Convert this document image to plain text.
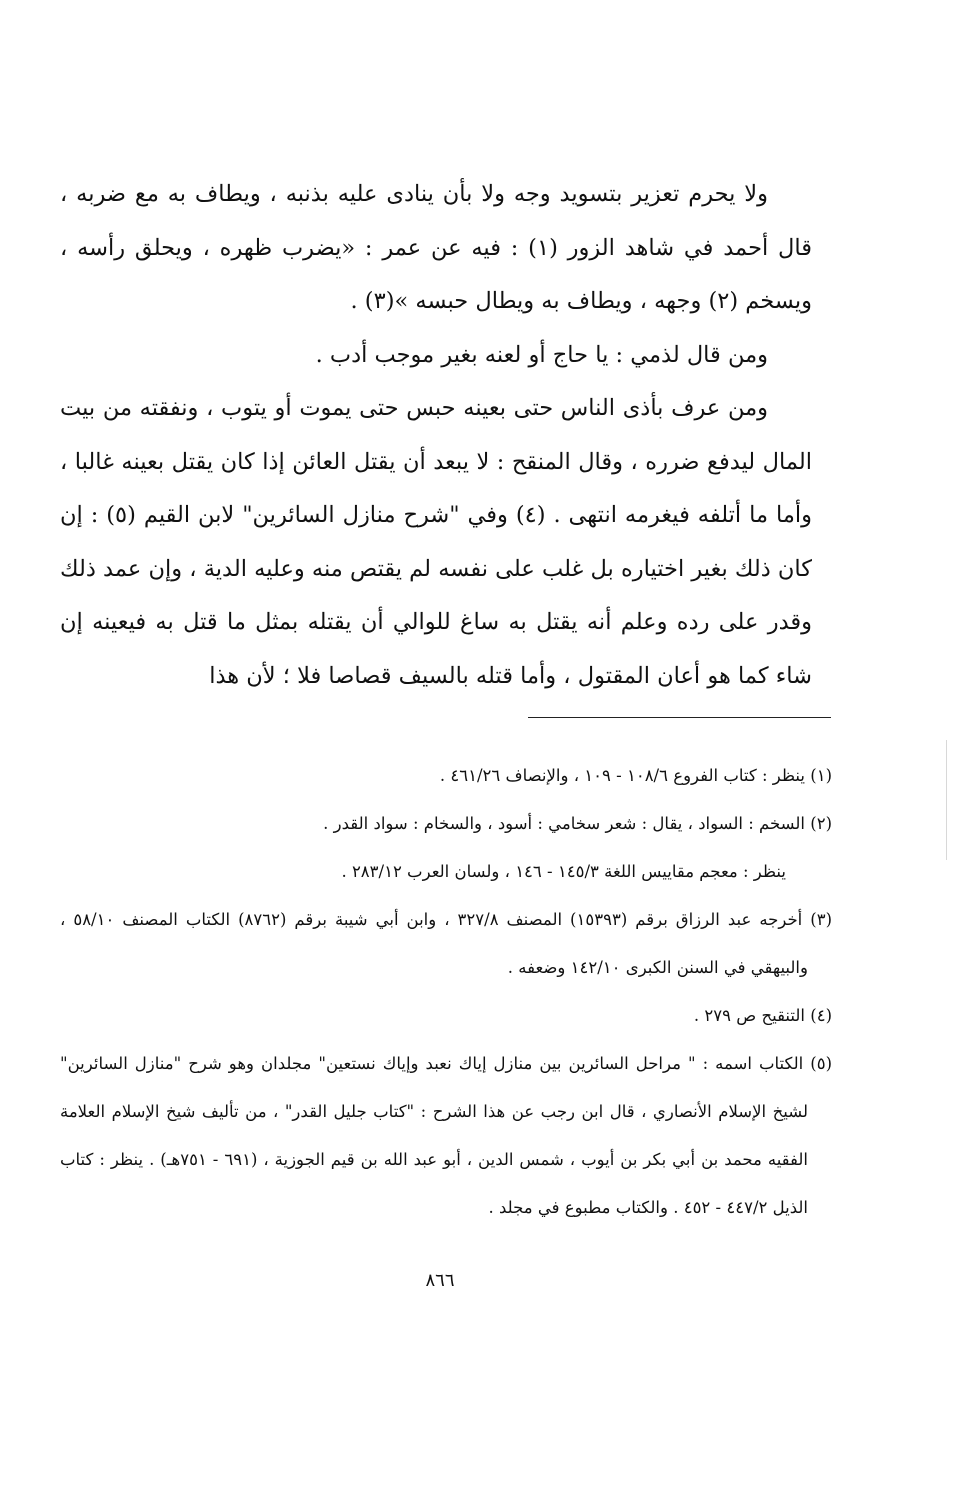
ولا يحرم تعزير بتسويد وجه ولا بأن ينادى عليه بذنبه ، ويطاف به مع ضربه ، قال أحمد في شاهد الزور (١) : فيه عن عمر : «يضرب ظهره ، ويحلق رأسه ، ويسخم (٢) وجهه ، ويطاف به ويطال حبسه »(٣) .

ومن قال لذمي : يا حاج أو لعنه بغير موجب أدب .

ومن عرف بأذى الناس حتى بعينه حبس حتى يموت أو يتوب ، ونفقته من بيت المال ليدفع ضرره ، وقال المنقح : لا يبعد أن يقتل العائن إذا كان يقتل بعينه غالبا ، وأما ما أتلفه فيغرمه انتهى . (٤) وفي "شرح منازل السائرين" لابن القيم (٥) : إن كان ذلك بغير اختياره بل غلب على نفسه لم يقتص منه وعليه الدية ، وإن عمد ذلك وقدر على رده وعلم أنه يقتل به ساغ للوالي أن يقتله بمثل ما قتل به فيعينه إن شاء كما هو أعان المقتول ، وأما قتله بالسيف قصاصا فلا ؛ لأن هذا

(١) ينظر : كتاب الفروع ١٠٨/٦ - ١٠٩ ، والإنصاف ٤٦١/٢٦ .

(٢) السخم : السواد ، يقال : شعر سخامي : أسود ، والسخام : سواد القدر .

ينظر : معجم مقاييس اللغة ١٤٥/٣ - ١٤٦ ، ولسان العرب ٢٨٣/١٢ .

(٣) أخرجه عبد الرزاق برقم (١٥٣٩٣) المصنف ٣٢٧/٨ ، وابن أبي شيبة برقم (٨٧٦٢) الكتاب المصنف ٥٨/١٠ ، والبيهقي في السنن الكبرى ١٤٢/١٠ وضعفه .

(٤) التنقيح ص ٢٧٩ .

(٥) الكتاب اسمه : " مراحل السائرين بين منازل إياك نعبد وإياك نستعين" مجلدان وهو شرح "منازل السائرين" لشيخ الإسلام الأنصاري ، قال ابن رجب عن هذا الشرح : "كتاب جليل القدر" ، من تأليف شيخ الإسلام العلامة الفقيه محمد بن أبي بكر بن أيوب ، شمس الدين ، أبو عبد الله بن قيم الجوزية ، (٦٩١ - ٧٥١هـ) . ينظر : كتاب الذيل ٤٤٧/٢ - ٤٥٢ . والكتاب مطبوع في مجلد .

٨٦٦
